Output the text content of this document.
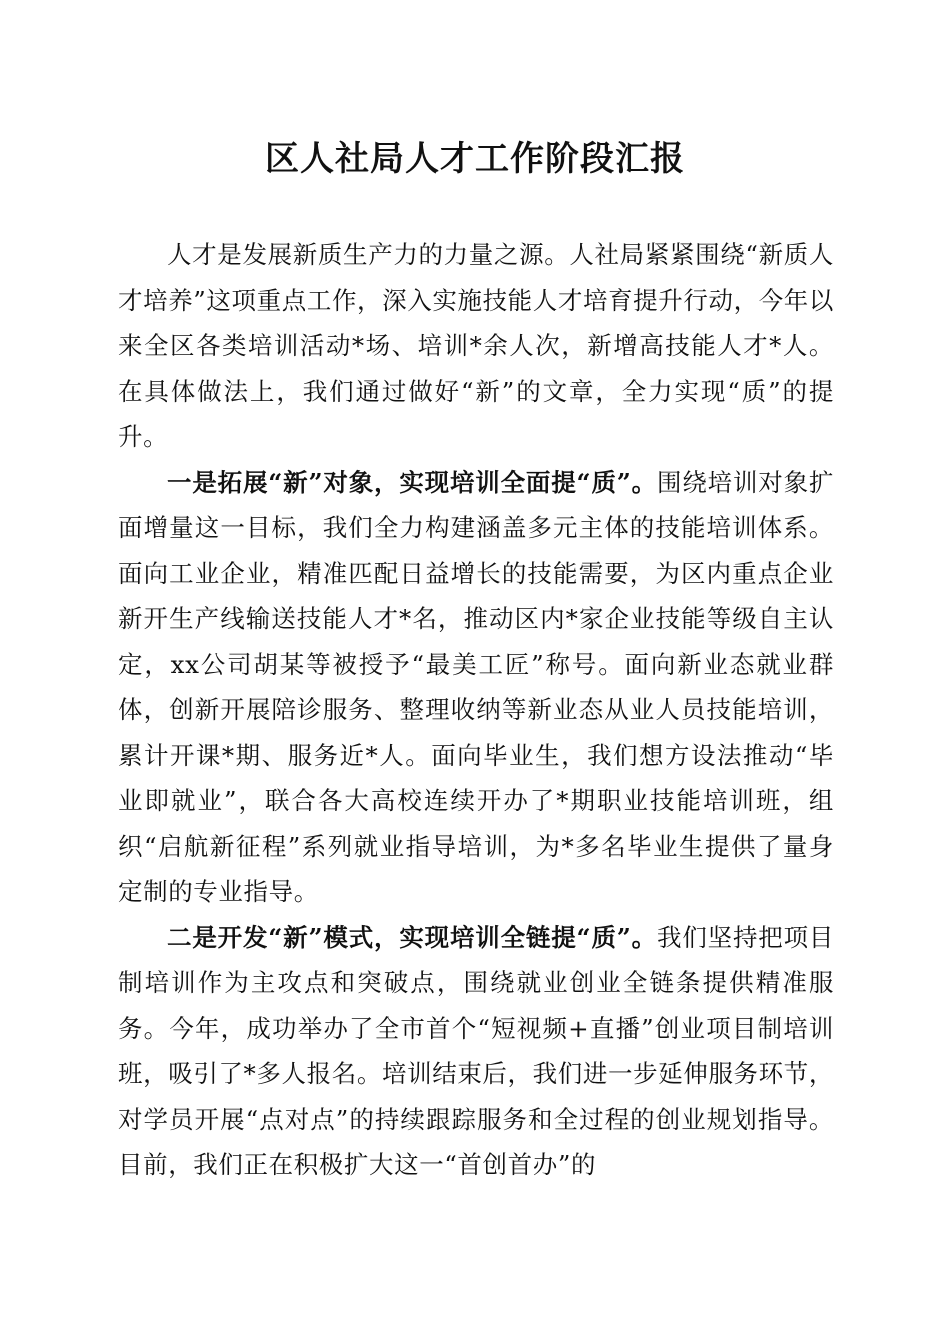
区人社局人才工作阶段汇报

人才是发展新质生产力的力量之源。人社局紧紧围绕“新质人才培养”这项重点工作，深入实施技能人才培育提升行动，今年以来全区各类培训活动*场、培训*余人次，新增高技能人才*人。在具体做法上，我们通过做好“新”的文章，全力实现“质”的提升。

一是拓展“新”对象，实现培训全面提“质”。围绕培训对象扩面增量这一目标，我们全力构建涵盖多元主体的技能培训体系。面向工业企业，精准匹配日益增长的技能需要，为区内重点企业新开生产线输送技能人才*名，推动区内*家企业技能等级自主认定，xx公司胡某等被授予“最美工匠”称号。面向新业态就业群体，创新开展陪诊服务、整理收纳等新业态从业人员技能培训，累计开课*期、服务近*人。面向毕业生，我们想方设法推动“毕业即就业”，联合各大高校连续开办了*期职业技能培训班，组织“启航新征程”系列就业指导培训，为*多名毕业生提供了量身定制的专业指导。

二是开发“新”模式，实现培训全链提“质”。我们坚持把项目制培训作为主攻点和突破点，围绕就业创业全链条提供精准服务。今年，成功举办了全市首个“短视频+直播”创业项目制培训班，吸引了*多人报名。培训结束后，我们进一步延伸服务环节，对学员开展“点对点”的持续跟踪服务和全过程的创业规划指导。目前，我们正在积极扩大这一“首创首办”的
